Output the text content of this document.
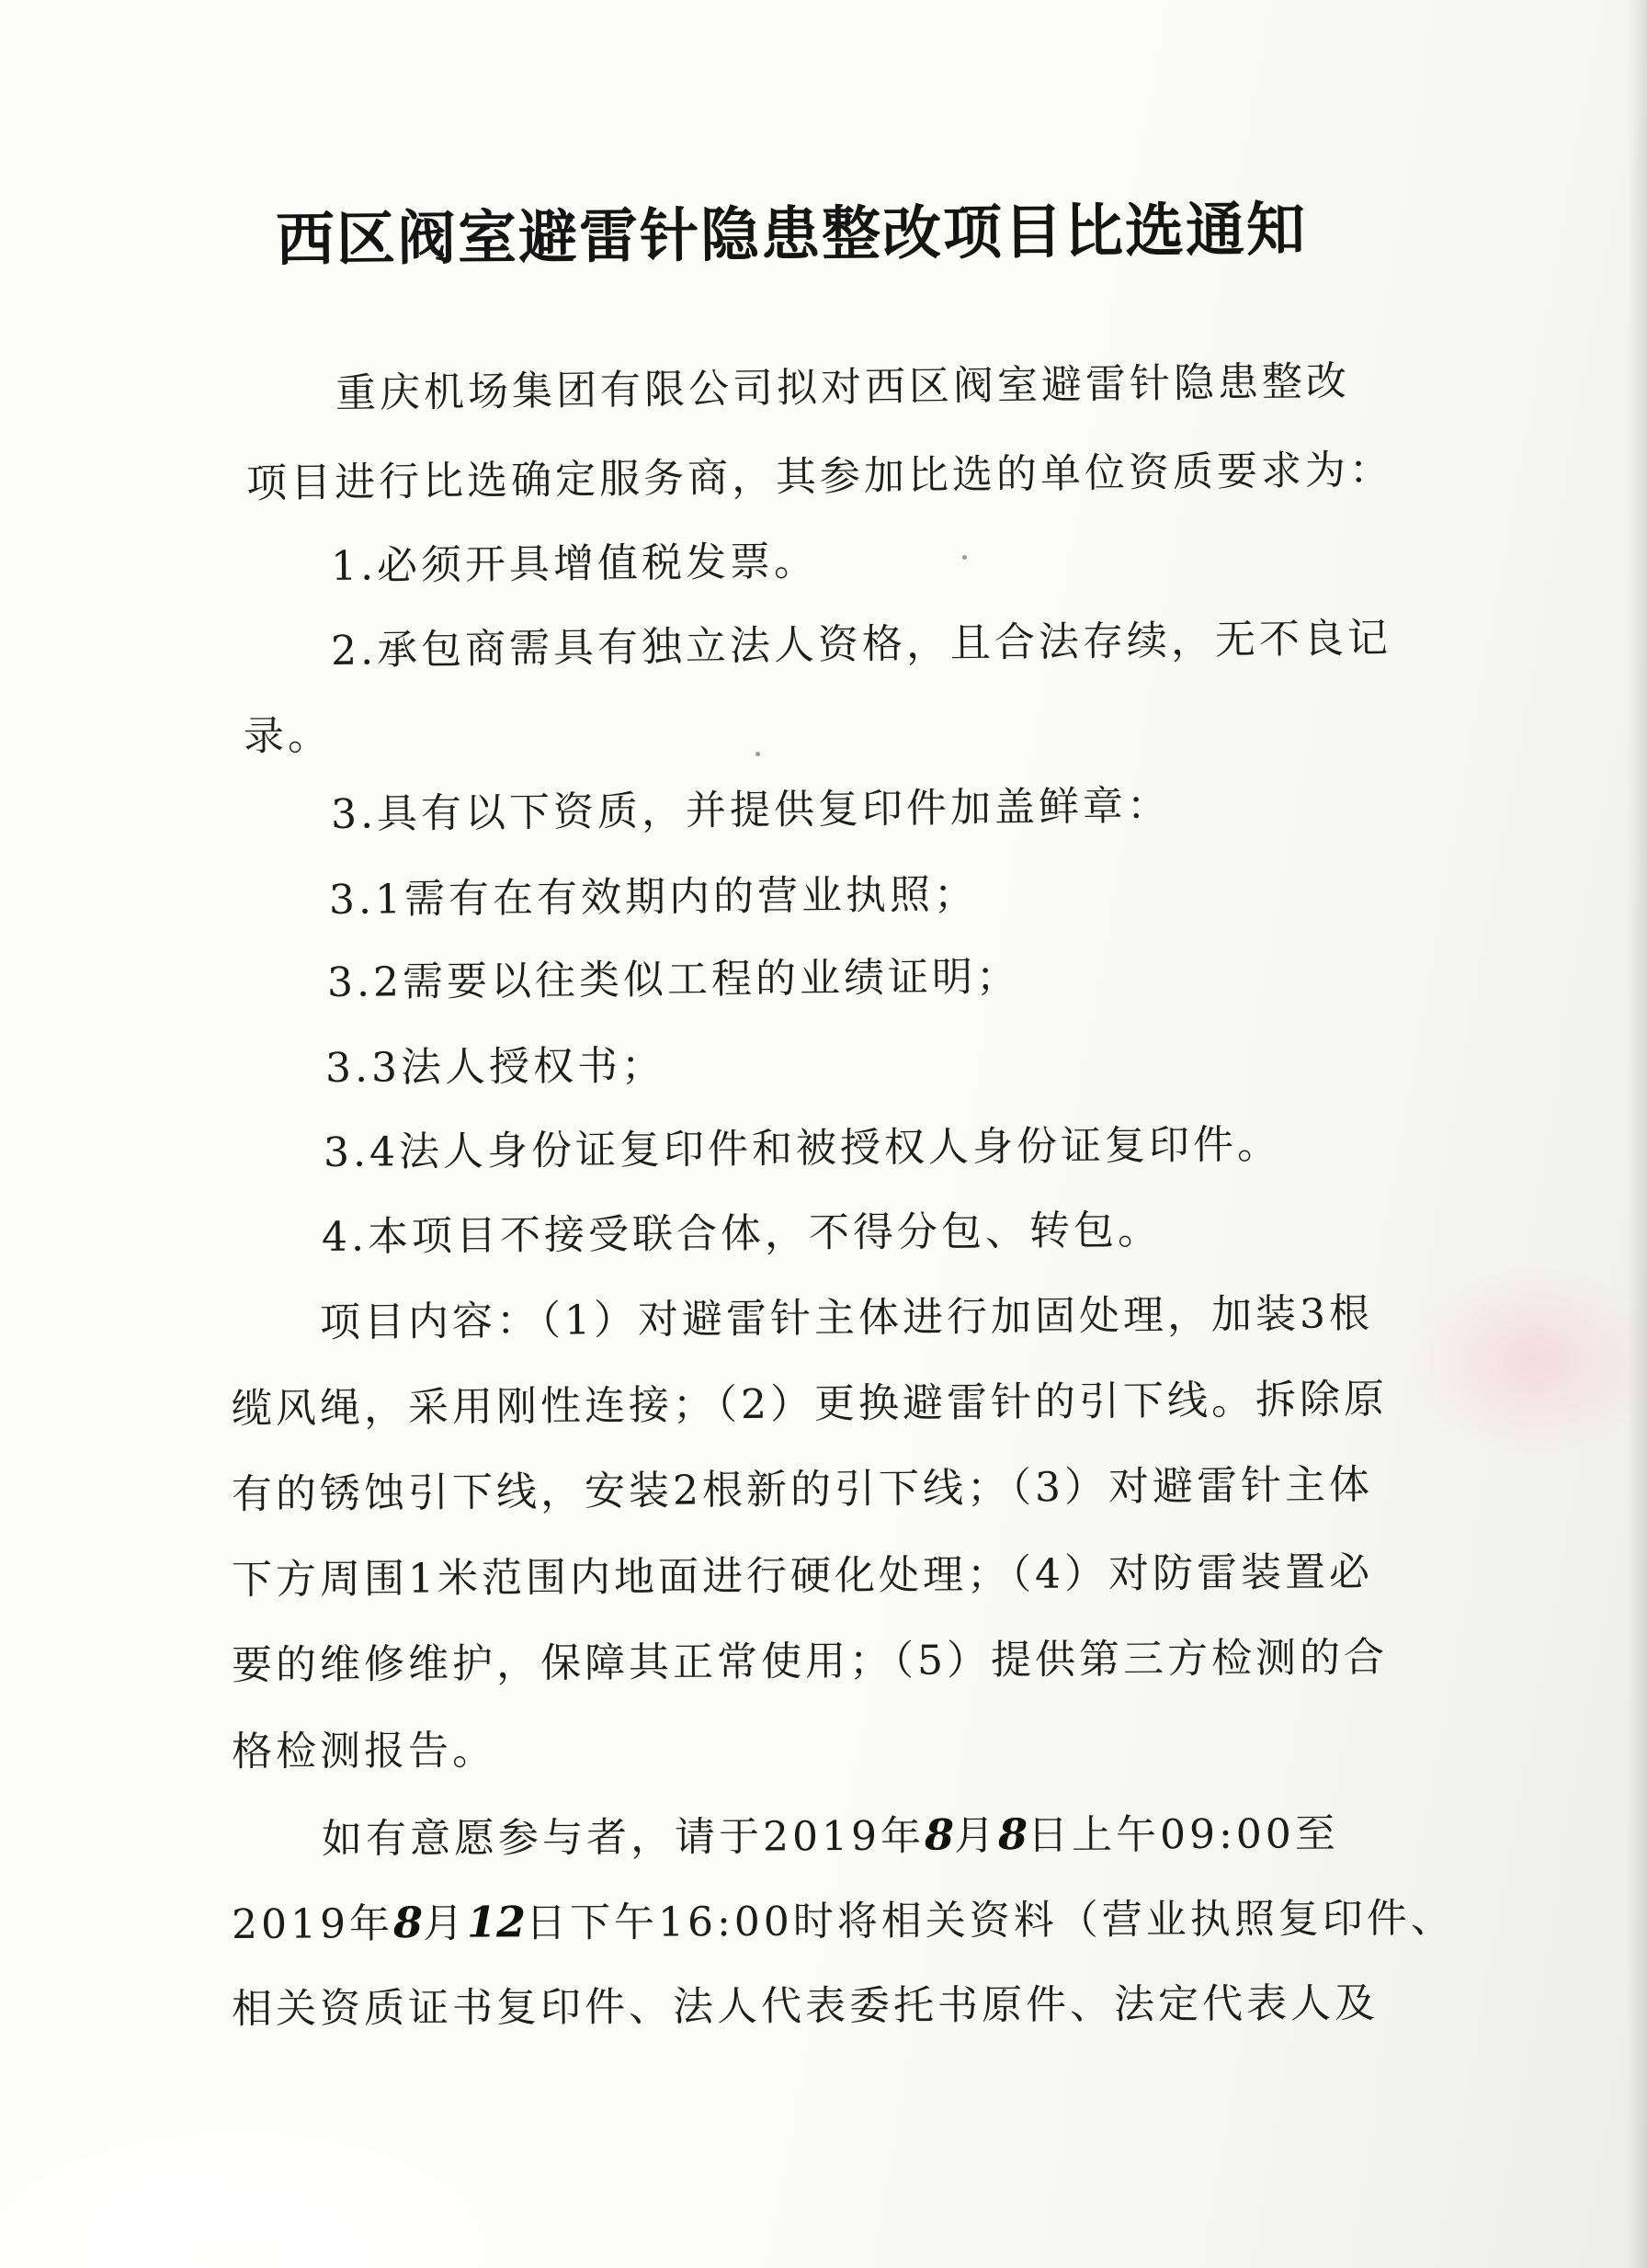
西区阀室避雷针隐患整改项目比选通知
重庆机场集团有限公司拟对西区阀室避雷针隐患整改
项目进行比选确定服务商，其参加比选的单位资质要求为：
1.必须开具增值税发票。
2.承包商需具有独立法人资格，且合法存续，无不良记
录。
3.具有以下资质，并提供复印件加盖鲜章：
3.1需有在有效期内的营业执照；
3.2需要以往类似工程的业绩证明；
3.3法人授权书；
3.4法人身份证复印件和被授权人身份证复印件。
4.本项目不接受联合体，不得分包、转包。
项目内容：（1）对避雷针主体进行加固处理，加装3根
缆风绳，采用刚性连接；（2）更换避雷针的引下线。拆除原
有的锈蚀引下线，安装2根新的引下线；（3）对避雷针主体
下方周围1米范围内地面进行硬化处理；（4）对防雷装置必
要的维修维护，保障其正常使用；（5）提供第三方检测的合
格检测报告。
如有意愿参与者，请于2019年8月8日上午09:00至
2019年8月12日下午16:00时将相关资料（营业执照复印件、
相关资质证书复印件、法人代表委托书原件、法定代表人及
